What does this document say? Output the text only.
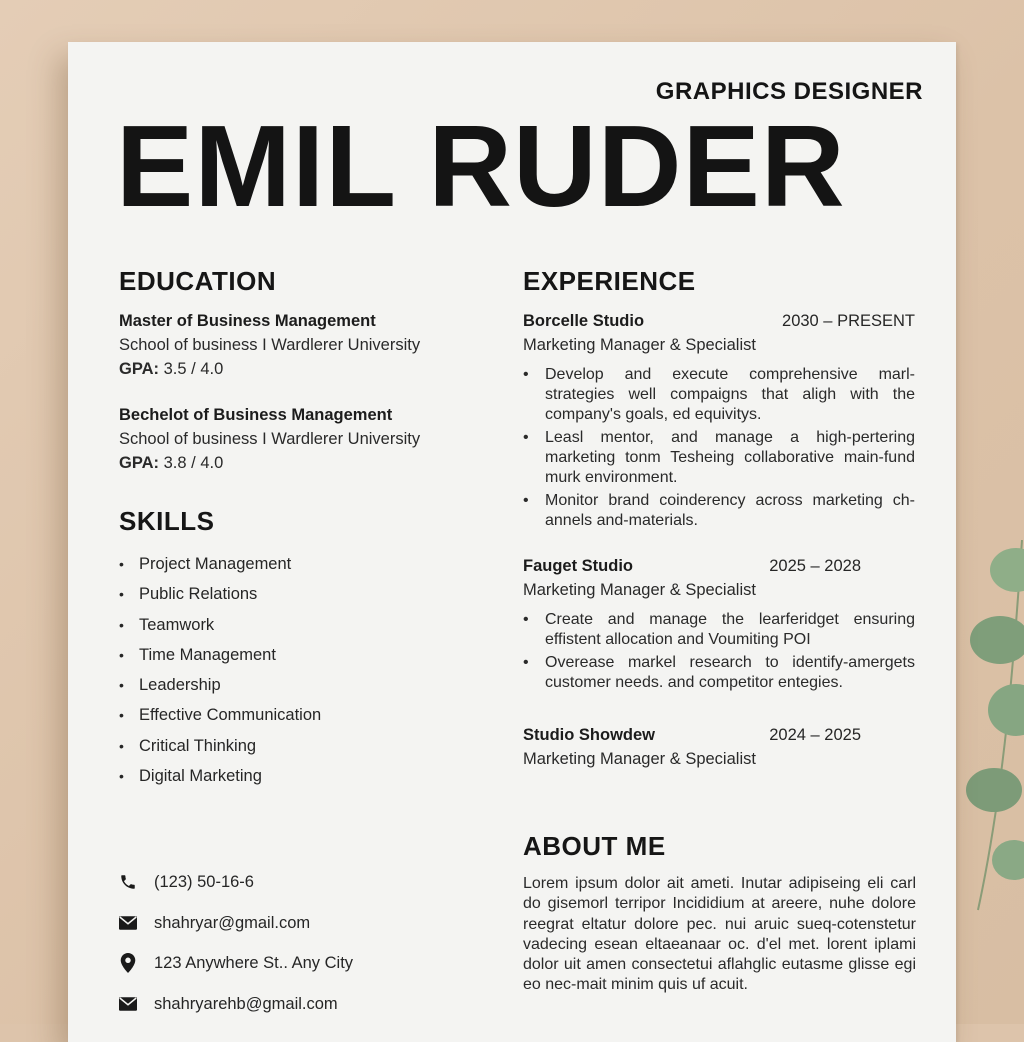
GRAPHICS DESIGNER
EMIL RUDER
EDUCATION
Master of Business Management
School of business I Wardlerer University
GPA: 3.5 / 4.0
Bechelot of Business Management
School of business I Wardlerer University
GPA: 3.8 / 4.0
SKILLS
• Project Management
• Public Relations
• Teamwork
• Time Management
• Leadership
• Effective Communication
• Critical Thinking
• Digital Marketing
(123) 50-16-6
shahryar@gmail.com
123 Anywhere St.. Any City
shahryarehb@gmail.com
EXPERIENCE
Borcelle Studio	2030 – PRESENT
Marketing Manager & Specialist
• Develop and execute comprehensive marl-strategies well compaigns that aligh with the company's goals, ed equivitys.
• Leasl mentor, and manage a high-pertering marketing tonm Tesheing collaborative main-fund murk environment.
• Monitor brand coinderency across marketing ch-annels and-materials.
Fauget Studio	2025 – 2028
Marketing Manager & Specialist
• Create and manage the learferidget ensuring effistent allocation and Voumiting POI
• Overease markel research to identify-amergets customer needs. and competitor entegies.
Studio Showdew	2024 – 2025
Marketing Manager & Specialist
ABOUT ME
Lorem ipsum dolor ait ameti. Inutar adipiseing eli carl do gisemorl terripor Incididium at areere, nuhe dolore reegrat eltatur dolore pec. nui aruic sueq-cotenstetur vadecing esean eltaeanaar oc. d'el met. lorent iplami dolor uit amen consectetui aflahglic eutasme glisse egi eo nec-mait minim quis uf acuit.
